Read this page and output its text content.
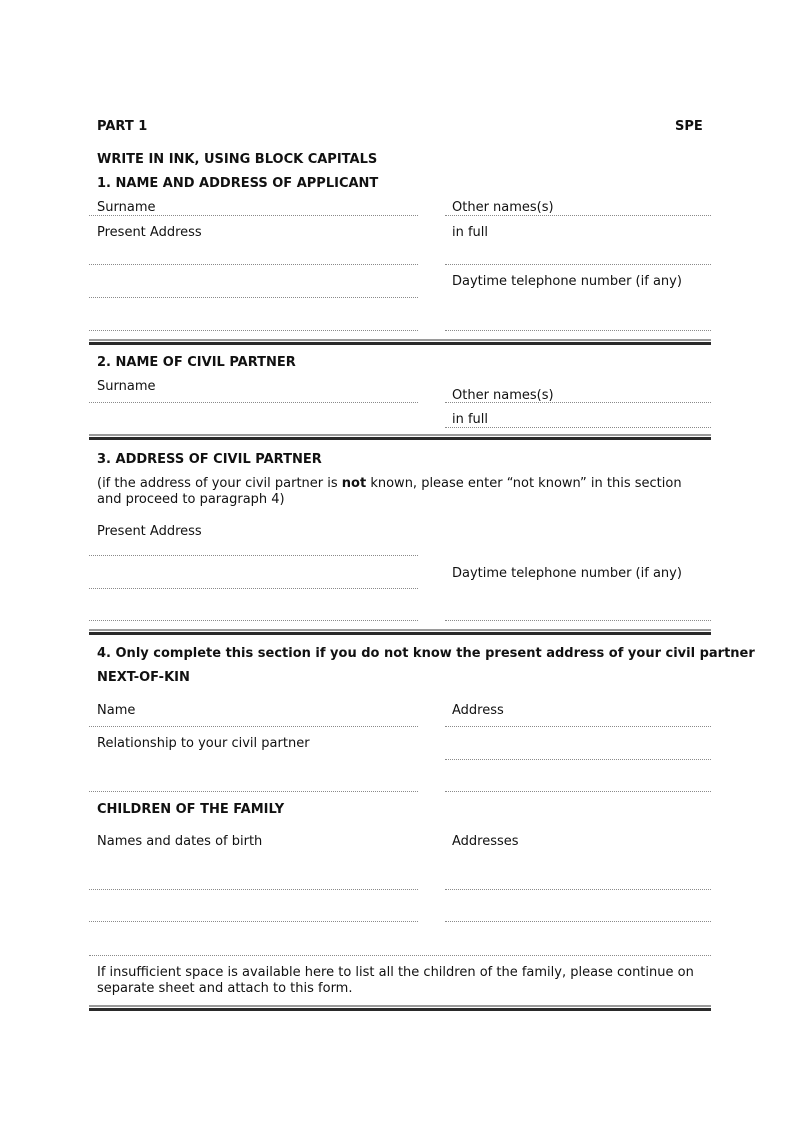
PART 1	SPE
WRITE IN INK, USING BLOCK CAPITALS
1. NAME AND ADDRESS OF APPLICANT
Surname	Other names(s)
Present Address	in full
Daytime telephone number (if any)
2. NAME OF CIVIL PARTNER
Surname
Other names(s)
in full
3. ADDRESS OF CIVIL PARTNER
(if the address of your civil partner is not known, please enter “not known” in this section and proceed to paragraph 4)
Present Address
Daytime telephone number (if any)
4. Only complete this section if you do not know the present address of your civil partner
NEXT-OF-KIN
Name	Address
Relationship to your civil partner
CHILDREN OF THE FAMILY
Names and dates of birth	Addresses
If insufficient space is available here to list all the children of the family, please continue on separate sheet and attach to this form.
